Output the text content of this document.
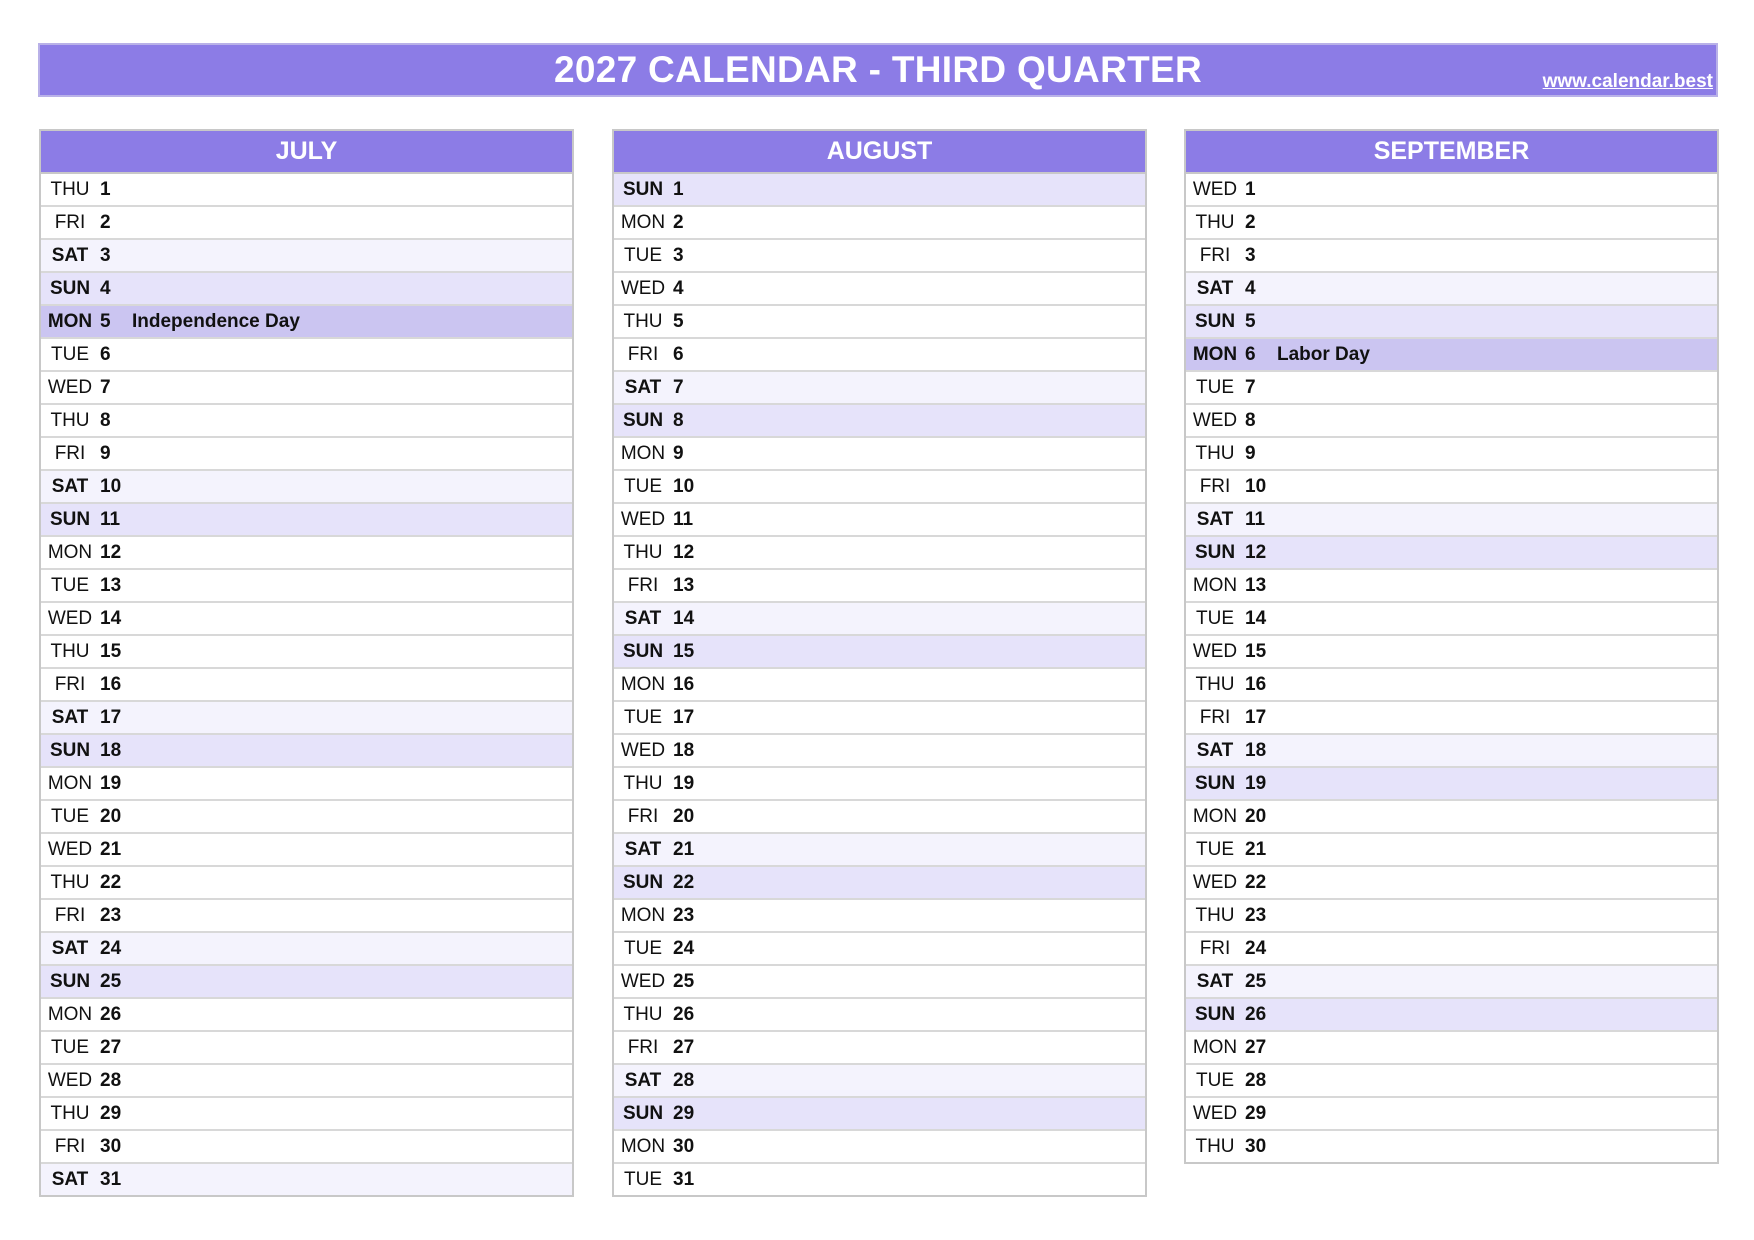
2027 CALENDAR - THIRD QUARTER	www.calendar.best
JULY
THU 1
FRI 2
SAT 3
SUN 4
MON 5	Independence Day
TUE 6
WED 7
THU 8
FRI 9
SAT 10
SUN 11
MON 12
TUE 13
WED 14
THU 15
FRI 16
SAT 17
SUN 18
MON 19
TUE 20
WED 21
THU 22
FRI 23
SAT 24
SUN 25
MON 26
TUE 27
WED 28
THU 29
FRI 30
SAT 31
AUGUST
SUN 1
MON 2
TUE 3
WED 4
THU 5
FRI 6
SAT 7
SUN 8
MON 9
TUE 10
WED 11
THU 12
FRI 13
SAT 14
SUN 15
MON 16
TUE 17
WED 18
THU 19
FRI 20
SAT 21
SUN 22
MON 23
TUE 24
WED 25
THU 26
FRI 27
SAT 28
SUN 29
MON 30
TUE 31
SEPTEMBER
WED 1
THU 2
FRI 3
SAT 4
SUN 5
MON 6	Labor Day
TUE 7
WED 8
THU 9
FRI 10
SAT 11
SUN 12
MON 13
TUE 14
WED 15
THU 16
FRI 17
SAT 18
SUN 19
MON 20
TUE 21
WED 22
THU 23
FRI 24
SAT 25
SUN 26
MON 27
TUE 28
WED 29
THU 30
